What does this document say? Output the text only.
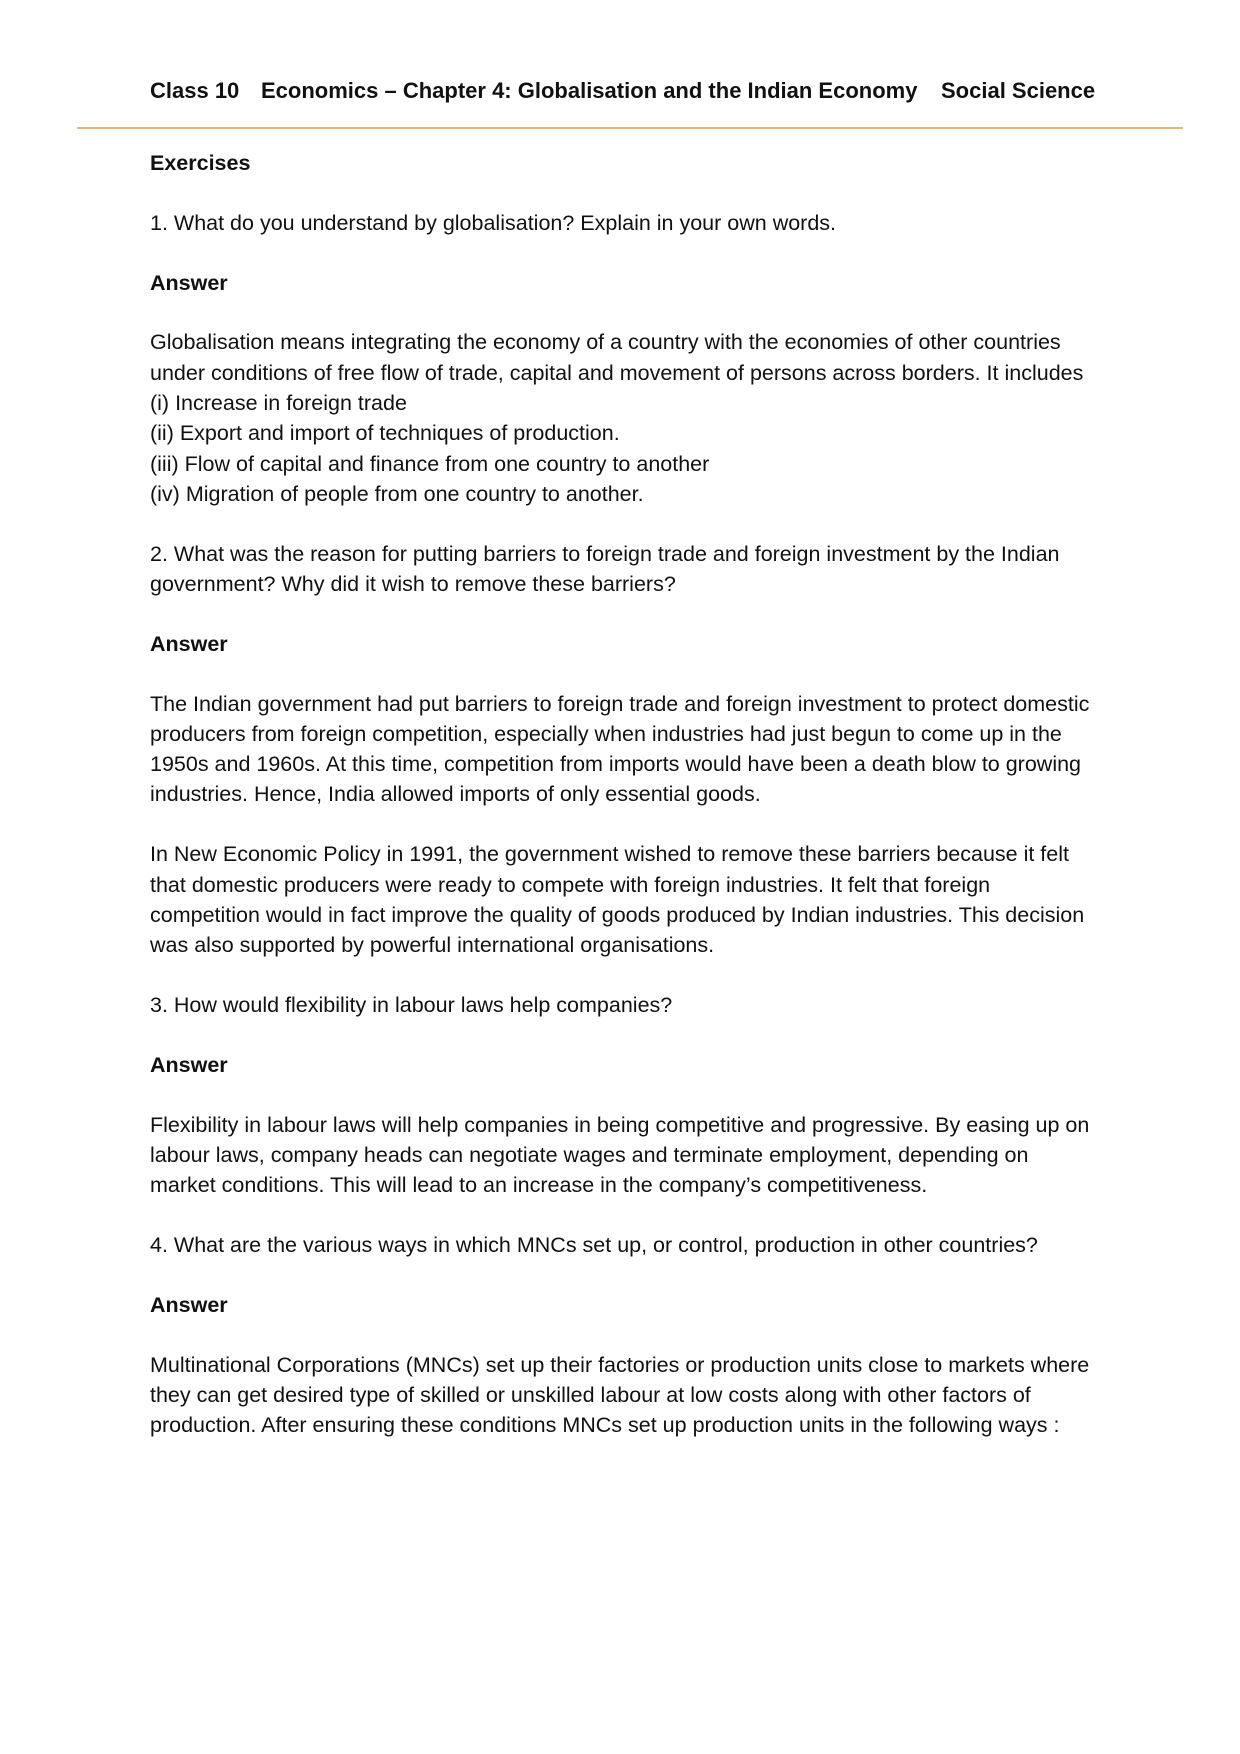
Class 10 Economics – Chapter 4: Globalisation and the Indian Economy Social Science

Exercises

1. What do you understand by globalisation? Explain in your own words.

Answer

Globalisation means integrating the economy of a country with the economies of other countries under conditions of free flow of trade, capital and movement of persons across borders. It includes
(i) Increase in foreign trade
(ii) Export and import of techniques of production.
(iii) Flow of capital and finance from one country to another
(iv) Migration of people from one country to another.

2. What was the reason for putting barriers to foreign trade and foreign investment by the Indian government? Why did it wish to remove these barriers?

Answer

The Indian government had put barriers to foreign trade and foreign investment to protect domestic producers from foreign competition, especially when industries had just begun to come up in the 1950s and 1960s. At this time, competition from imports would have been a death blow to growing industries. Hence, India allowed imports of only essential goods.

In New Economic Policy in 1991, the government wished to remove these barriers because it felt that domestic producers were ready to compete with foreign industries. It felt that foreign competition would in fact improve the quality of goods produced by Indian industries. This decision was also supported by powerful international organisations.

3. How would flexibility in labour laws help companies?

Answer

Flexibility in labour laws will help companies in being competitive and progressive. By easing up on labour laws, company heads can negotiate wages and terminate employment, depending on market conditions. This will lead to an increase in the company’s competitiveness.

4. What are the various ways in which MNCs set up, or control, production in other countries?

Answer

Multinational Corporations (MNCs) set up their factories or production units close to markets where they can get desired type of skilled or unskilled labour at low costs along with other factors of production. After ensuring these conditions MNCs set up production units in the following ways :
